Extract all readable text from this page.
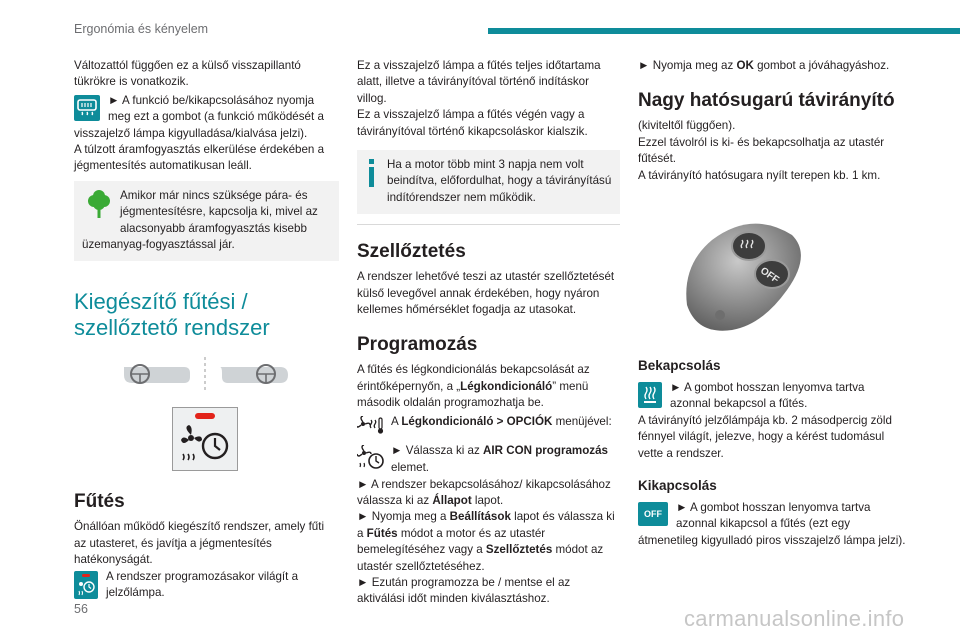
Ergonómia és kényelem

Változattól függően ez a külső visszapillantó tükrökre is vonatkozik.

► A funkció be/kikapcsolásához nyomja meg ezt a gombot (a funkció működését a visszajelző lámpa kigyulladása/kialvása jelzi).

A túlzott áramfogyasztás elkerülése érdekében a jégmentesítés automatikusan leáll.

Amikor már nincs szüksége pára- és jégmentesítésre, kapcsolja ki, mivel az alacsonyabb áramfogyasztás kisebb üzemanyag-fogyasztással jár.

Kiegészítő fűtési / szellőztető rendszer
Fűtés

Önállóan működő kiegészítő rendszer, amely fűti az utasteret, és javítja a jégmentesítés hatékonyságát.

A rendszer programozásakor világít a jelzőlámpa.

Ez a visszajelző lámpa a fűtés teljes időtartama alatt, illetve a távirányítóval történő indításkor villog.

Ez a visszajelző lámpa a fűtés végén vagy a távirányítóval történő kikapcsoláskor kialszik.

Ha a motor több mint 3 napja nem volt beindítva, előfordulhat, hogy a távirányítású indítórendszer nem működik.

Szellőztetés

A rendszer lehetővé teszi az utastér szellőztetését külső levegővel annak érdekében, hogy nyáron kellemes hőmérséklet fogadja az utasokat.

Programozás

A fűtés és légkondicionálás bekapcsolását az érintőképernyőn, a „Légkondicionáló” menü második oldalán programozhatja be.

A Légkondicionáló > OPCIÓK menüjével:

► Válassza ki az AIR CON programozás elemet.

► A rendszer bekapcsolásához/ kikapcsolásához válassza ki az Állapot lapot.

► Nyomja meg a Beállítások lapot és válassza ki a Fűtés módot a motor és az utastér bemelegítéséhez vagy a Szellőztetés módot az utastér szellőztetéséhez.

► Ezután programozza be / mentse el az aktiválási időt minden kiválasztáshoz.

► Nyomja meg az OK gombot a jóváhagyáshoz.

Nagy hatósugarú távirányító

(kiviteltől függően).

Ezzel távolról is ki- és bekapcsolhatja az utastér fűtését.

A távirányító hatósugara nyílt terepen kb. 1 km.

OFF
Bekapcsolás

► A gombot hosszan lenyomva tartva azonnal bekapcsol a fűtés.

A távirányító jelzőlámpája kb. 2 másodpercig zöld fénnyel világít, jelezve, hogy a kérést tudomásul vette a rendszer.

Kikapcsolás
OFF	► A gombot hosszan lenyomva tartva azonnal kikapcsol a fűtés (ezt egy átmenetileg kigyulladó piros visszajelző lámpa jelzi).

56	carmanualsonline.info
